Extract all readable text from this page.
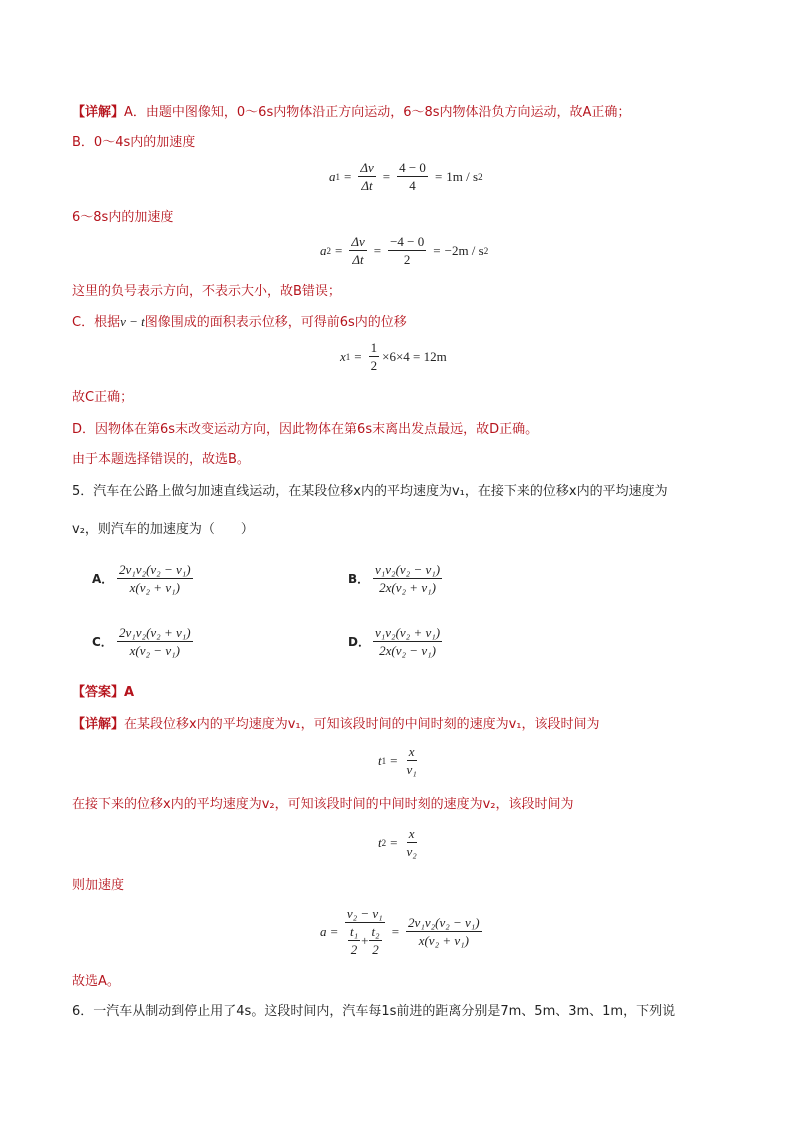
【详解】A．由题中图像知，0～6s内物体沿正方向运动，6～8s内物体沿负方向运动，故A正确；
B．0～4s内的加速度
a $1 = \frac{\Delta v}{\Delta t} = \frac{4 - 0}{4} = 1m / s$ 2
6～8s内的加速度
a $2 = \frac{\Delta v}{\Delta t} = \frac{-4 - 0}{2} = -2m / s$ 2
这里的负号表示方向，不表示大小，故B错误；
C．根据v − t图像围成的面积表示位移，可得前6s内的位移
x $1 = \frac{1}{2} \times 6\times 4 = 12m$
故C正确；
D．因物体在第6s末改变运动方向，因此物体在第6s末离出发点最远，故D正确。
由于本题选择错误的，故选B。
5．汽车在公路上做匀加速直线运动，在某段位移x内的平均速度为v₁，在接下来的位移x内的平均速度为
v₂，则汽车的加速度为（　　）
A． $\frac{\text{2v₁v₂(v₂ − v₁)}}{\text{x(v₂ + v₁)}}$	B． $\frac{\text{v₁v₂(v₂ − v₁)}}{\text{2x(v₂ + v₁)}}$
C． $\frac{\text{2v₁v₂(v₂ + v₁)}}{\text{x(v₂ − v₁)}}$	D． $\frac{\text{v₁v₂(v₂ + v₁)}}{\text{2x(v₂ − v₁)}}$
【答案】A
【详解】在某段位移x内的平均速度为v₁，可知该段时间的中间时刻的速度为v₁，该段时间为
t $1 = \frac{x}{\text{v₁}}$
在接下来的位移x内的平均速度为v₂，可知该段时间的中间时刻的速度为v₂，该段时间为
t $2 = \frac{x}{\text{v₂}}$
则加速度
$a = \frac{\text{v₂ − v₁}}{\frac{\text{t₁}}{2} + \frac{\text{t₂}}{2}} = \frac{\text{2v₁v₂(v₂ − v₁)}}{\text{x(v₂ + v₁)}}$
故选A。
6．一汽车从制动到停止用了4s。这段时间内，汽车每1s前进的距离分别是7m、5m、3m、1m，下列说
